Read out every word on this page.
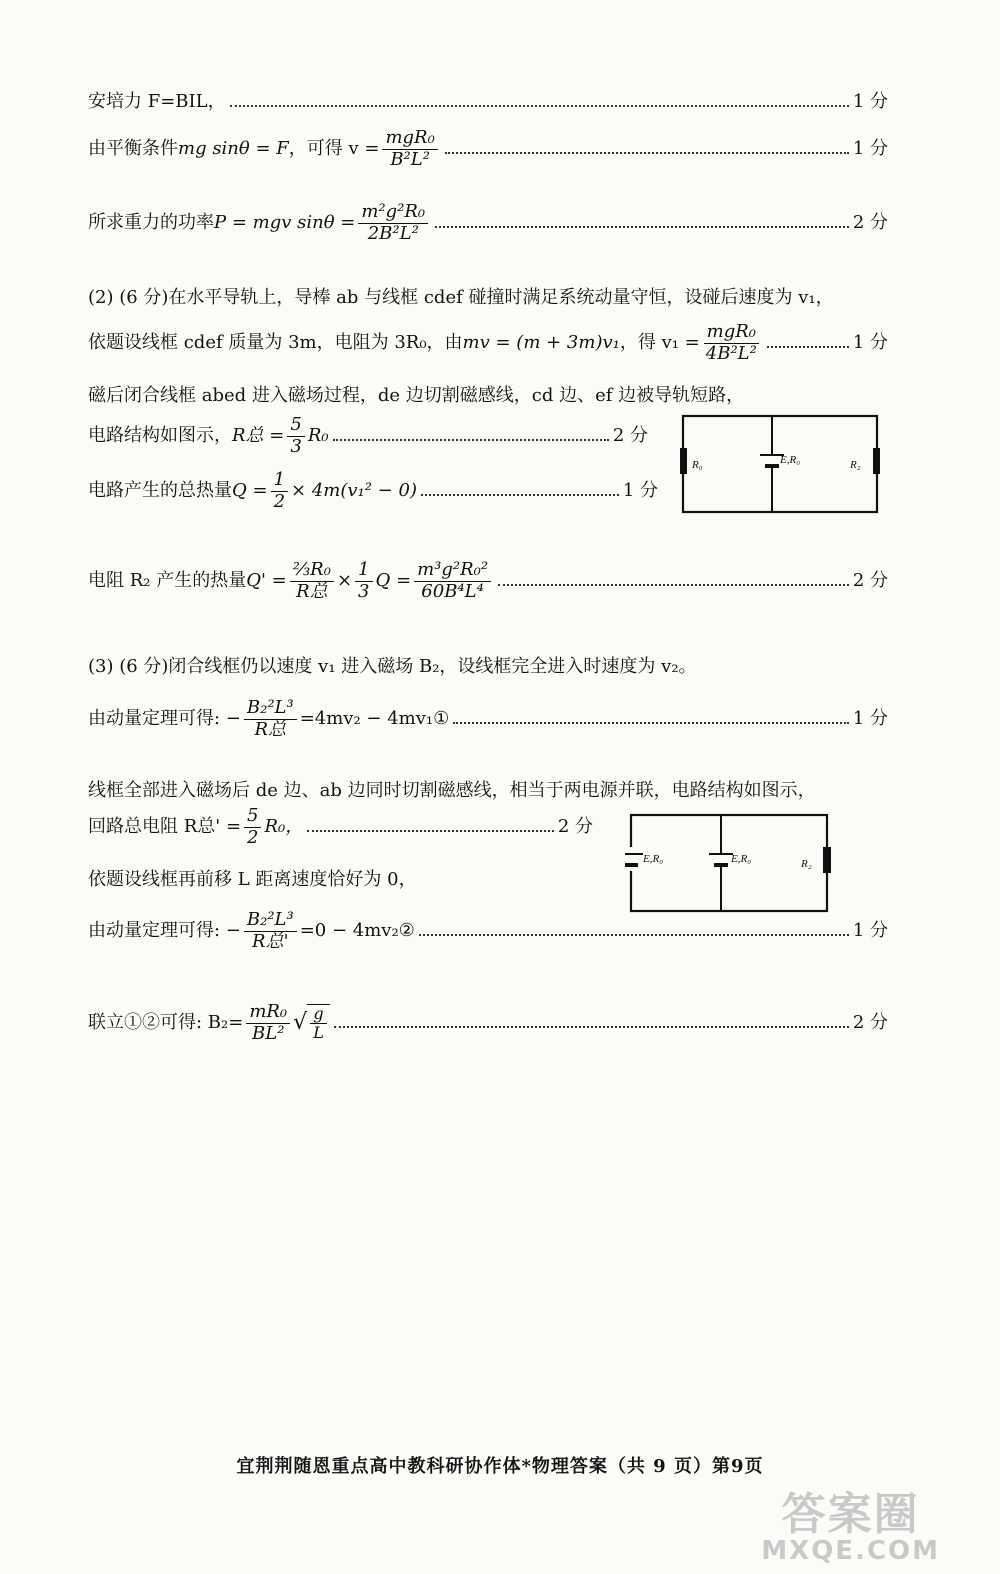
安培力 F=BIL，	1 分
由平衡条件 mg sinθ = F ，可得 $v = \frac{\text{mgR₀}}{\text{B²L²}}$	1 分
所求重力的功率 P = mgv $\sin\theta = \frac{\text{m²g²R₀}}{\text{2B²L²}}$	2 分
(2) (6 分)在水平导轨上，导棒 ab 与线框 cdef 碰撞时满足系统动量守恒，设碰后速度为 v₁，
依题设线框 cdef 质量为 3m，电阻为 3R₀，由 mv = (m + 3m)v₁ ，得 $v_1 = \frac{\text{mgR₀}}{\text{4B²L²}}$	1 分
磁后闭合线框 abed 进入磁场过程，de 边切割磁感线，cd 边、ef 边被导轨短路，
电路结构如图示， R总 = $\frac{5}{3} R_0$	2 分
电路产生的总热量 $Q = \frac{1}{2} \times 4m(v_1^2 - 0)$	1 分
R₀	E,R₀	R₂
电阻 R₂ 产生的热量 $Q' = \frac{\text{⅔R₀}}{\text{R总}} \times \frac{1}{3}$ $Q = \frac{\text{m³g²R₀²}}{\text{60B⁴L⁴}}$	2 分
(3) (6 分)闭合线框仍以速度 v₁ 进入磁场 B₂，设线框完全进入时速度为 v₂。
由动量定理可得: − $\frac{\text{B₂²L³}}{\text{R总}} =4mv_2$ − 4mv₁①	1 分
线框全部进入磁场后 de 边、ab 边同时切割磁感线，相当于两电源并联，电路结构如图示，
回路总电阻 R总' = $\frac{5}{2} R_0$，	2 分
E,R₀	E,R₀	R₂
依题设线框再前移 L 距离速度恰好为 0，
由动量定理可得: − $\frac{\text{B₂²L³}}{\text{R总'}} =0$ − 4mv₂②	1 分
联立①②可得: $B_2= \frac{\text{mR₀}}{\text{BL²}}$ √ $\frac{g}{L}$	2 分
宜荆荆随恩重点高中教科研协作体*物理答案（共 9 页）第9页
答案圈
MXQE.COM
